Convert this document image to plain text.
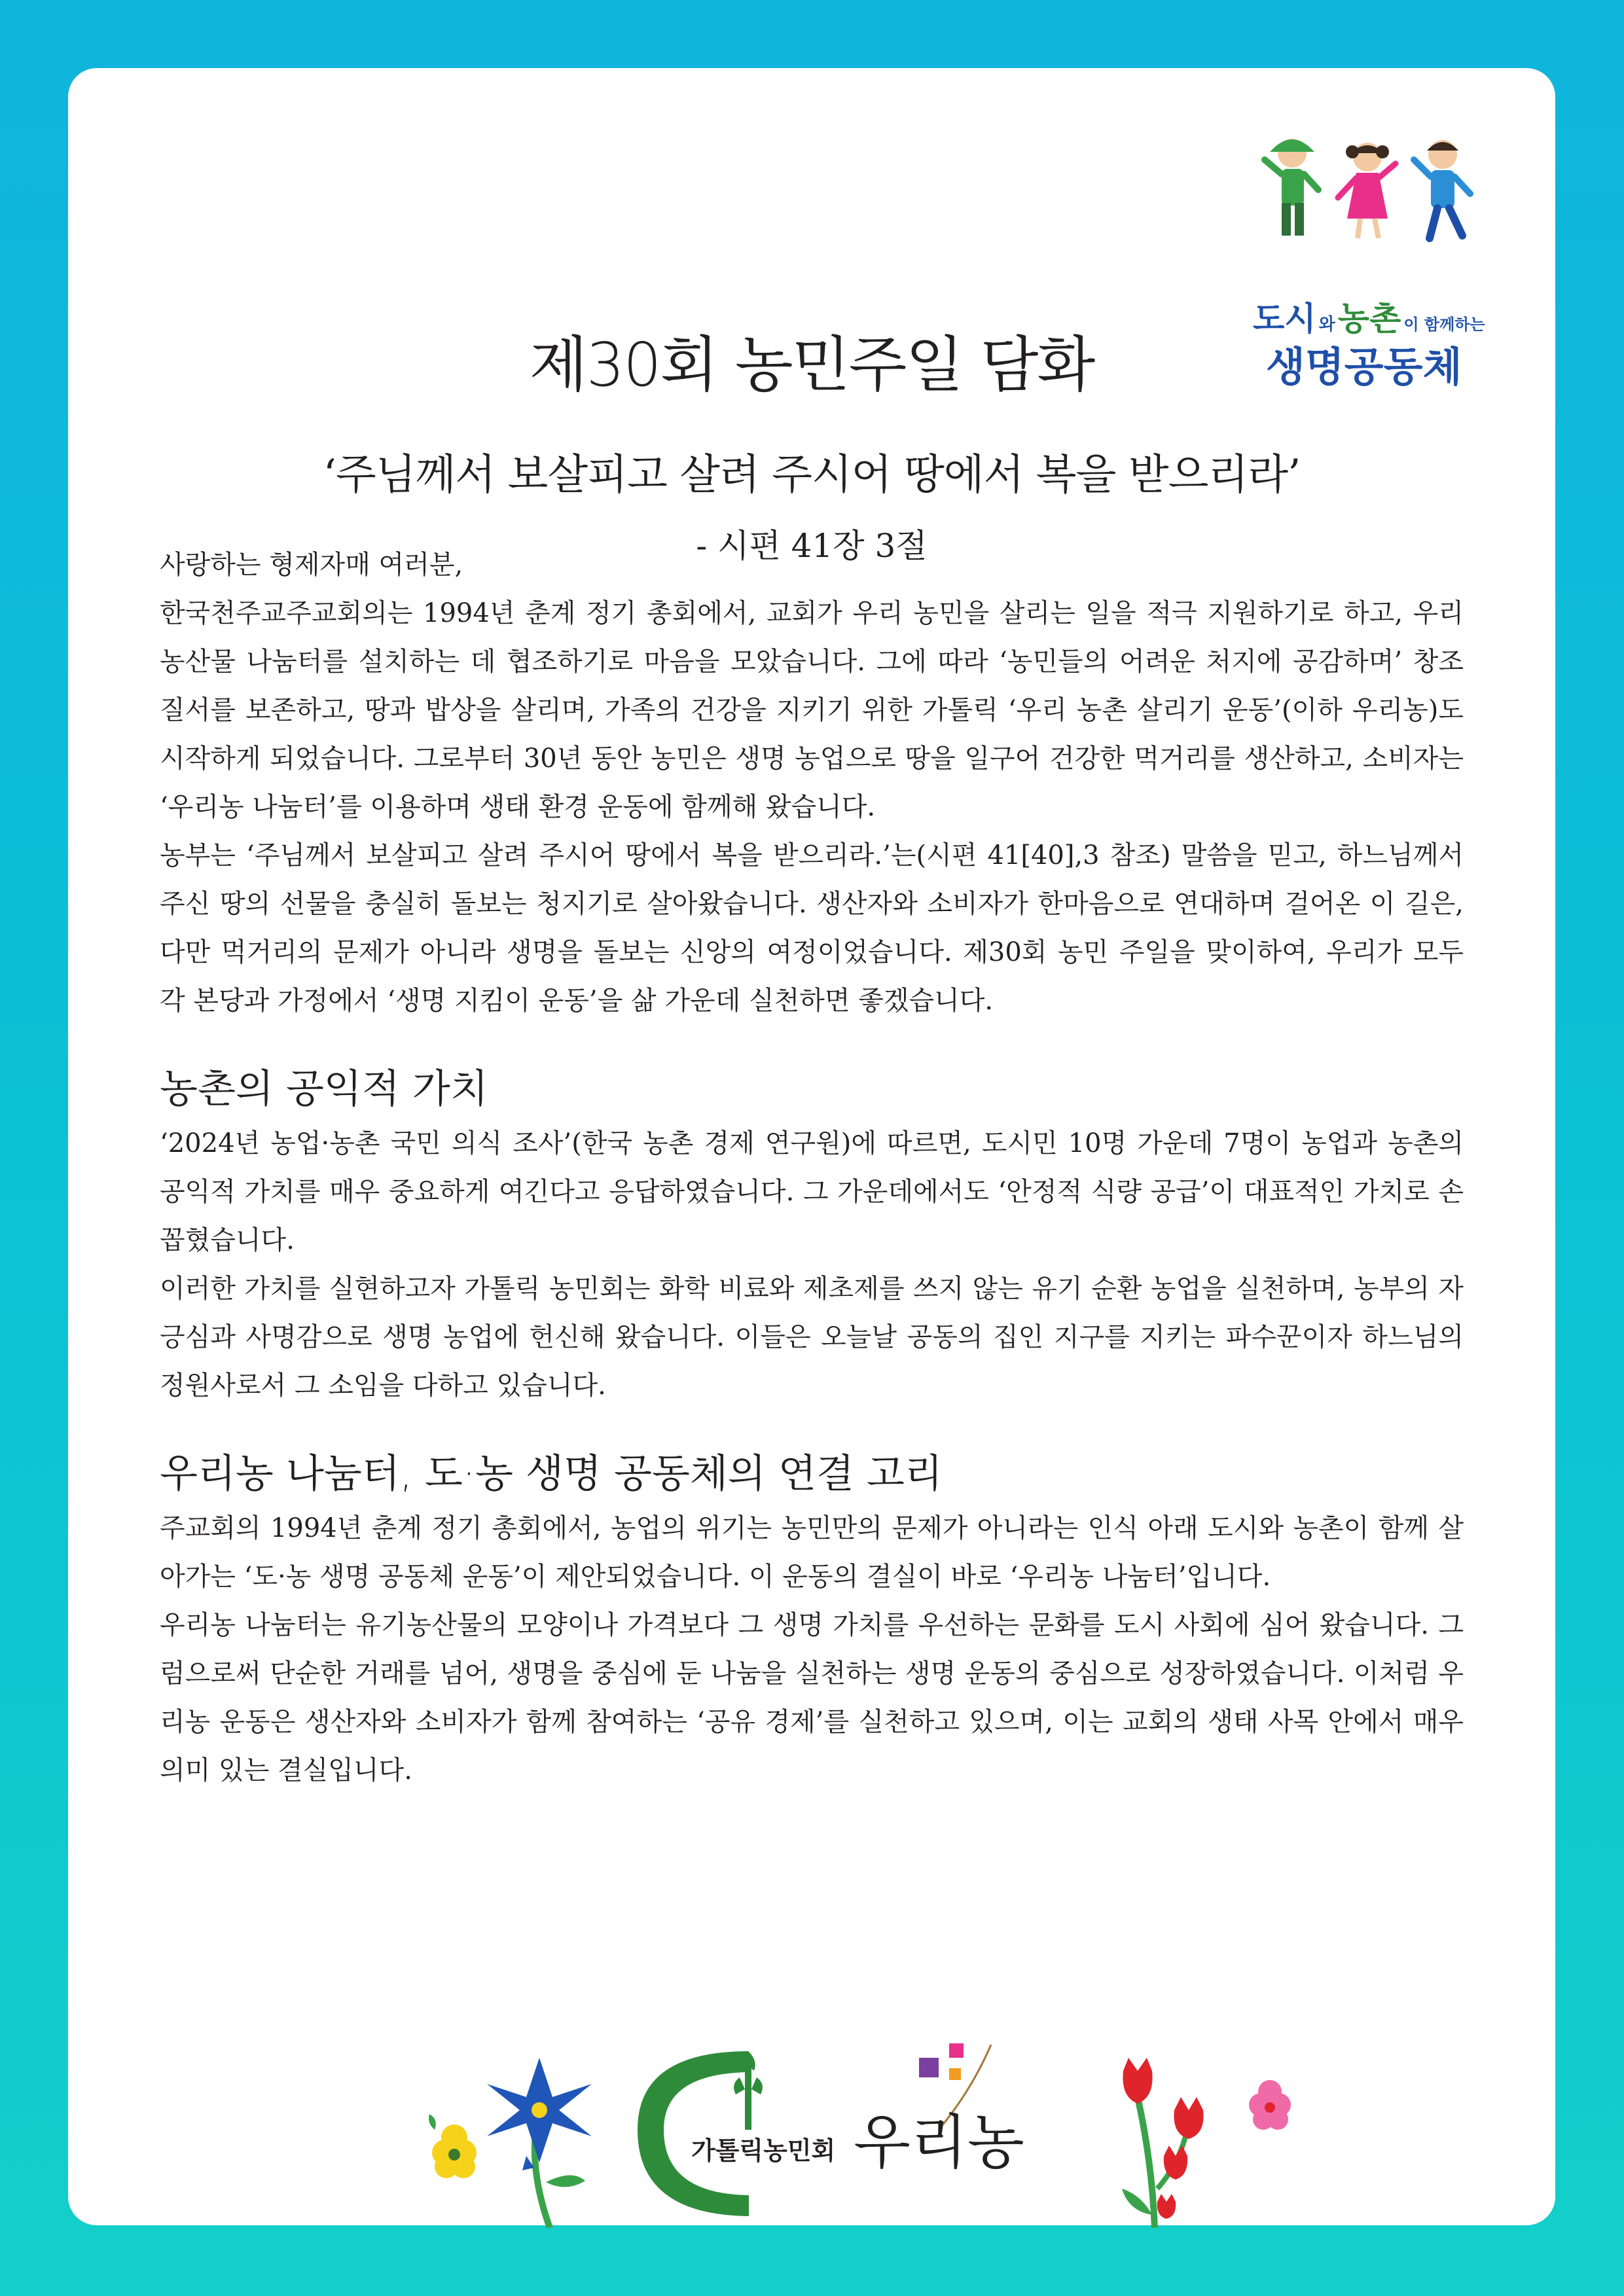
도시 와농촌 이 함께하는
생명공동체
제30회 농민주일 담화
‘주님께서 보살피고 살려 주시어 땅에서 복을 받으리라’
- 시편 41장 3절

사랑하는 형제자매 여러분,

한국천주교주교회의는 1994년 춘계 정기 총회에서, 교회가 우리 농민을 살리는 일을 적극 지원하기로 하고, 우리 농산물 나눔터를 설치하는 데 협조하기로 마음을 모았습니다. 그에 따라 ‘농민들의 어려운 처지에 공감하며’ 창조 질서를 보존하고, 땅과 밥상을 살리며, 가족의 건강을 지키기 위한 가톨릭 ‘우리 농촌 살리기 운동’(이하 우리농)도 시작하게 되었습니다. 그로부터 30년 동안 농민은 생명 농업으로 땅을 일구어 건강한 먹거리를 생산하고, 소비자는 ‘우리농 나눔터’를 이용하며 생태 환경 운동에 함께해 왔습니다.

농부는 ‘주님께서 보살피고 살려 주시어 땅에서 복을 받으리라.’는(시편 41[40],3 참조) 말씀을 믿고, 하느님께서 주신 땅의 선물을 충실히 돌보는 청지기로 살아왔습니다. 생산자와 소비자가 한마음으로 연대하며 걸어온 이 길은, 다만 먹거리의 문제가 아니라 생명을 돌보는 신앙의 여정이었습니다. 제30회 농민 주일을 맞이하여, 우리가 모두 각 본당과 가정에서 ‘생명 지킴이 운동’을 삶 가운데 실천하면 좋겠습니다.

농촌의 공익적 가치

‘2024년 농업·농촌 국민 의식 조사’(한국 농촌 경제 연구원)에 따르면, 도시민 10명 가운데 7명이 농업과 농촌의 공익적 가치를 매우 중요하게 여긴다고 응답하였습니다. 그 가운데에서도 ‘안정적 식량 공급’이 대표적인 가치로 손꼽혔습니다.

이러한 가치를 실현하고자 가톨릭 농민회는 화학 비료와 제초제를 쓰지 않는 유기 순환 농업을 실천하며, 농부의 자긍심과 사명감으로 생명 농업에 헌신해 왔습니다. 이들은 오늘날 공동의 집인 지구를 지키는 파수꾼이자 하느님의 정원사로서 그 소임을 다하고 있습니다.

우리농 나눔터, 도·농 생명 공동체의 연결 고리

주교회의 1994년 춘계 정기 총회에서, 농업의 위기는 농민만의 문제가 아니라는 인식 아래 도시와 농촌이 함께 살아가는 ‘도·농 생명 공동체 운동’이 제안되었습니다. 이 운동의 결실이 바로 ‘우리농 나눔터’입니다.

우리농 나눔터는 유기농산물의 모양이나 가격보다 그 생명 가치를 우선하는 문화를 도시 사회에 심어 왔습니다. 그럼으로써 단순한 거래를 넘어, 생명을 중심에 둔 나눔을 실천하는 생명 운동의 중심으로 성장하였습니다. 이처럼 우리농 운동은 생산자와 소비자가 함께 참여하는 ‘공유 경제’를 실천하고 있으며, 이는 교회의 생태 사목 안에서 매우 의미 있는 결실입니다.

가톨릭농민회 우리농
